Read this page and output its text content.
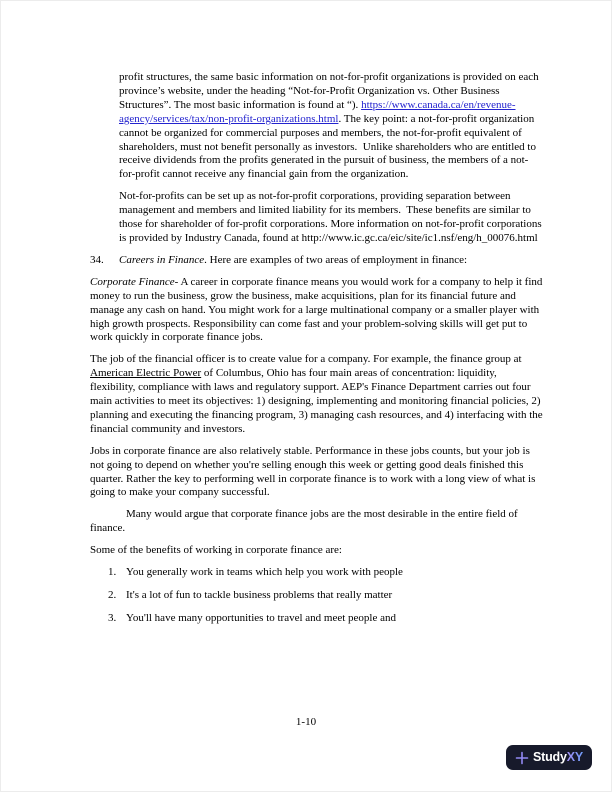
profit structures, the same basic information on not-for-profit organizations is provided on each province’s website, under the heading “Not-for-Profit Organization vs. Other Business Structures”. The most basic information is found at “). https://www.canada.ca/en/revenue-agency/services/tax/non-profit-organizations.html. The key point: a not-for-profit organization cannot be organized for commercial purposes and members, the not-for-profit equivalent of shareholders, must not benefit personally as investors.  Unlike shareholders who are entitled to receive dividends from the profits generated in the pursuit of business, the members of a not-for-profit cannot receive any financial gain from the organization.

Not-for-profits can be set up as not-for-profit corporations, providing separation between management and members and limited liability for its members.  These benefits are similar to those for shareholder of for-profit corporations. More information on not-for-profit corporations is provided by Industry Canada, found at http://www.ic.gc.ca/eic/site/ic1.nsf/eng/h_00076.html

34.	Careers in Finance. Here are examples of two areas of employment in finance:

Corporate Finance- A career in corporate finance means you would work for a company to help it find money to run the business, grow the business, make acquisitions, plan for its financial future and manage any cash on hand. You might work for a large multinational company or a smaller player with high growth prospects. Responsibility can come fast and your problem-solving skills will get put to work quickly in corporate finance jobs.

The job of the financial officer is to create value for a company. For example, the finance group at American Electric Power of Columbus, Ohio has four main areas of concentration: liquidity, flexibility, compliance with laws and regulatory support. AEP's Finance Department carries out four main activities to meet its objectives: 1) designing, implementing and monitoring financial policies, 2) planning and executing the financing program, 3) managing cash resources, and 4) interfacing with the financial community and investors.

Jobs in corporate finance are also relatively stable. Performance in these jobs counts, but your job is not going to depend on whether you're selling enough this week or getting good deals finished this quarter. Rather the key to performing well in corporate finance is to work with a long view of what is going to make your company successful.

Many would argue that corporate finance jobs are the most desirable in the entire field of finance.

Some of the benefits of working in corporate finance are:

1. You generally work in teams which help you work with people
2. It's a lot of fun to tackle business problems that really matter
3. You'll have many opportunities to travel and meet people and
1-10
StudyXY
